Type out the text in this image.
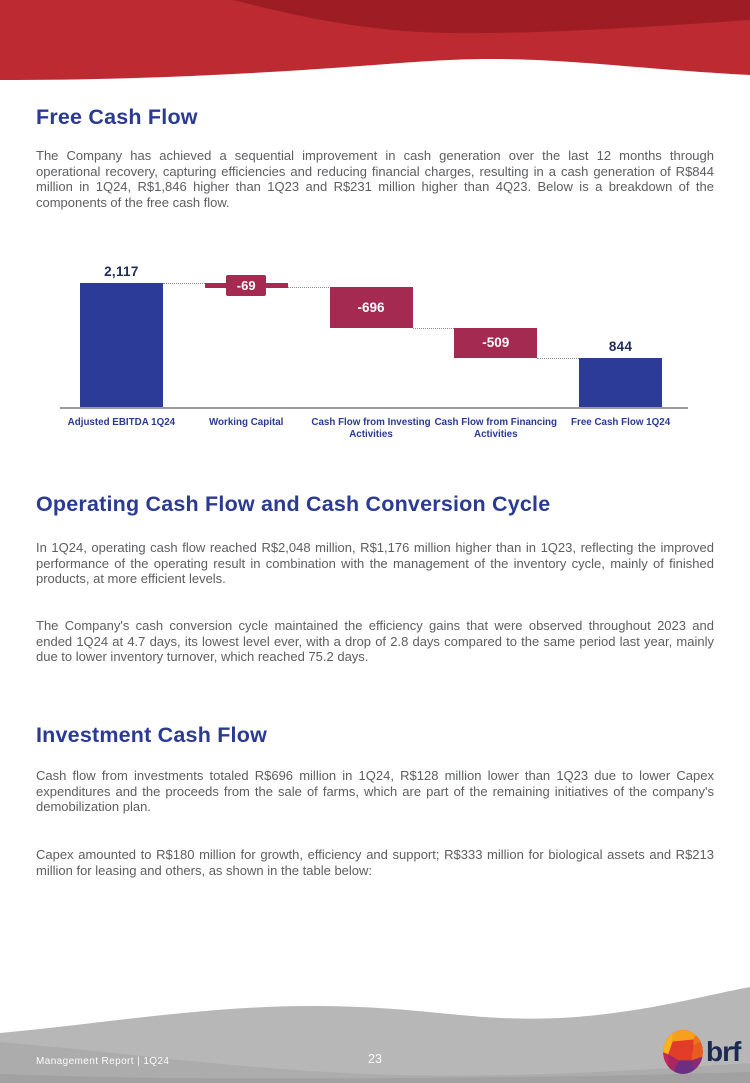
Free Cash Flow

The Company has achieved a sequential improvement in cash generation over the last 12 months through operational recovery, capturing efficiencies and reducing financial charges, resulting in a cash generation of R$844 million in 1Q24, R$1,846 higher than 1Q23 and R$231 million higher than 4Q23. Below is a breakdown of the components of the free cash flow.

2,117
Adjusted EBITDA 1Q24
-69
Working Capital
-696
Cash Flow from Investing Activities
-509
Cash Flow from Financing Activities
844
Free Cash Flow 1Q24
Operating Cash Flow and Cash Conversion Cycle

In 1Q24, operating cash flow reached R$2,048 million, R$1,176 million higher than in 1Q23, reflecting the improved performance of the operating result in combination with the management of the inventory cycle, mainly of finished products, at more efficient levels.

The Company's cash conversion cycle maintained the efficiency gains that were observed throughout 2023 and ended 1Q24 at 4.7 days, its lowest level ever, with a drop of 2.8 days compared to the same period last year, mainly due to lower inventory turnover, which reached 75.2 days.

Investment Cash Flow

Cash flow from investments totaled R$696 million in 1Q24, R$128 million lower than 1Q23 due to lower Capex expenditures and the proceeds from the sale of farms, which are part of the remaining initiatives of the company's demobilization plan.

Capex amounted to R$180 million for growth, efficiency and support; R$333 million for biological assets and R$213 million for leasing and others, as shown in the table below:

Management Report | 1Q24	23	brf
